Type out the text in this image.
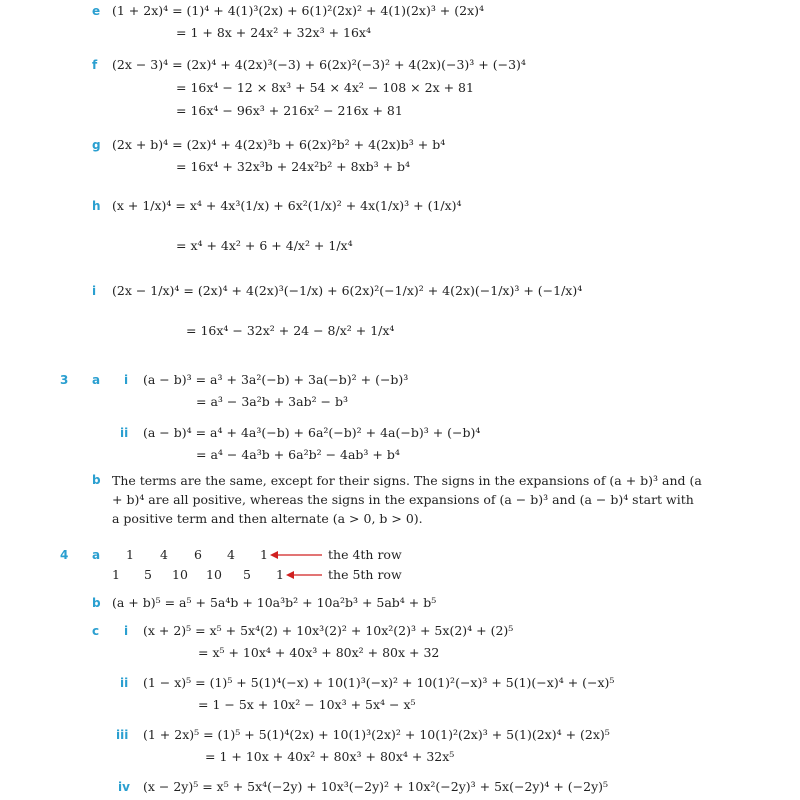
e (1 + 2x)⁴ = (1)⁴ + 4(1)³(2x) + 6(1)²(2x)² + 4(1)(2x)³ + (2x)⁴
= 1 + 8x + 24x² + 32x³ + 16x⁴
f (2x − 3)⁴ = (2x)⁴ + 4(2x)³(−3) + 6(2x)²(−3)² + 4(2x)(−3)³ + (−3)⁴
= 16x⁴ − 12 × 8x³ + 54 × 4x² − 108 × 2x + 81
= 16x⁴ − 96x³ + 216x² − 216x + 81
g (2x + b)⁴ = (2x)⁴ + 4(2x)³b + 6(2x)²b² + 4(2x)b³ + b⁴
= 16x⁴ + 32x³b + 24x²b² + 8xb³ + b⁴
h (x + 1/x)⁴ = x⁴ + 4x³(1/x) + 6x²(1/x)² + 4x(1/x)³ + (1/x)⁴
= x⁴ + 4x² + 6 + 4/x² + 1/x⁴
i (2x − 1/x)⁴ = (2x)⁴ + 4(2x)³(−1/x) + 6(2x)²(−1/x)² + 4(2x)(−1/x)³ + (−1/x)⁴
= 16x⁴ − 32x² + 24 − 8/x² + 1/x⁴
3 a i (a − b)³ = a³ + 3a²(−b) + 3a(−b)² + (−b)³
= a³ − 3a²b + 3ab² − b³
ii (a − b)⁴ = a⁴ + 4a³(−b) + 6a²(−b)² + 4a(−b)³ + (−b)⁴
= a⁴ − 4a³b + 6a²b² − 4ab³ + b⁴
b The terms are the same, except for their signs. The signs in the expansions of (a + b)³ and (a + b)⁴ are all positive, whereas the signs in the expansions of (a − b)³ and (a − b)⁴ start with a positive term and then alternate (a > 0, b > 0).
4 a 1 4 6 4 1	the 4th row
1 5 10 10 5 1	the 5th row
b (a + b)⁵ = a⁵ + 5a⁴b + 10a³b² + 10a²b³ + 5ab⁴ + b⁵
c i (x + 2)⁵ = x⁵ + 5x⁴(2) + 10x³(2)² + 10x²(2)³ + 5x(2)⁴ + (2)⁵
= x⁵ + 10x⁴ + 40x³ + 80x² + 80x + 32
ii (1 − x)⁵ = (1)⁵ + 5(1)⁴(−x) + 10(1)³(−x)² + 10(1)²(−x)³ + 5(1)(−x)⁴ + (−x)⁵
= 1 − 5x + 10x² − 10x³ + 5x⁴ − x⁵
iii (1 + 2x)⁵ = (1)⁵ + 5(1)⁴(2x) + 10(1)³(2x)² + 10(1)²(2x)³ + 5(1)(2x)⁴ + (2x)⁵
= 1 + 10x + 40x² + 80x³ + 80x⁴ + 32x⁵
iv (x − 2y)⁵ = x⁵ + 5x⁴(−2y) + 10x³(−2y)² + 10x²(−2y)³ + 5x(−2y)⁴ + (−2y)⁵
